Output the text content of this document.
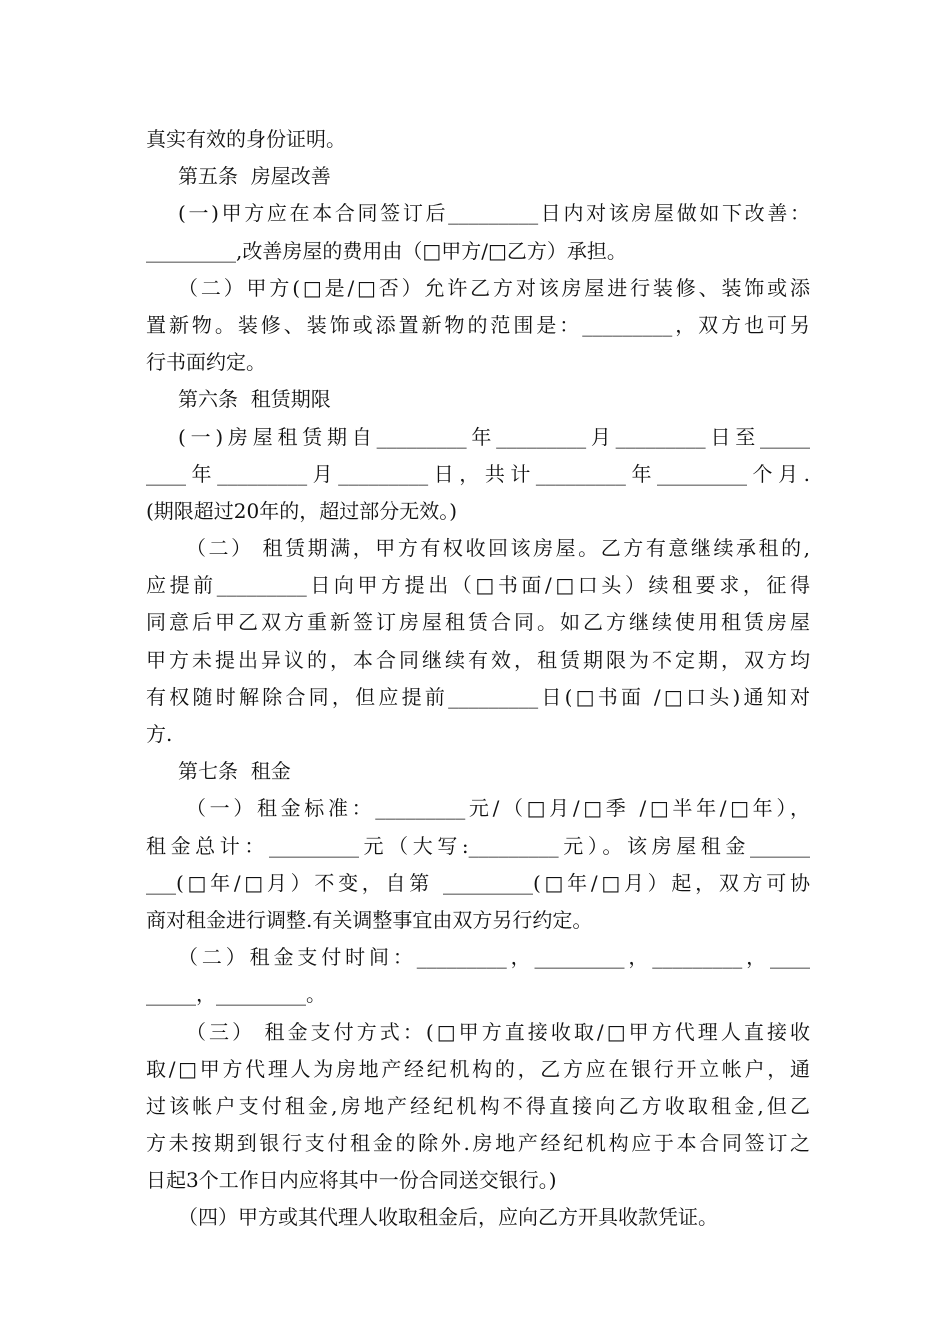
真实有效的身份证明。
第五条  房屋改善
(一)甲方应在本合同签订后_________日内对该房屋做如下改善：
_________,改善房屋的费用由（□甲方/□乙方）承担。
（二）甲方(□是/□否）允许乙方对该房屋进行装修、装饰或添
置新物。装修、装饰或添置新物的范围是：_________，双方也可另
行书面约定。
第六条  租赁期限
(一)房屋租赁期自_________年_________月_________日至_____
____年_________月_________日，共计_________年_________个月.
(期限超过20年的，超过部分无效。)
（二） 租赁期满，甲方有权收回该房屋。乙方有意继续承租的,
应提前_________日向甲方提出（□书面/□口头）续租要求，征得
同意后甲乙双方重新签订房屋租赁合同。如乙方继续使用租赁房屋
甲方未提出异议的，本合同继续有效，租赁期限为不定期，双方均
有权随时解除合同，但应提前_________日(□书面 /□口头)通知对
方.
第七条  租金
（一）租金标准：_________元/（□月/□季 /□半年/□年），
租金总计：_________元（大写:_________元）。该房屋租金______
___(□年/□月）不变，自第 _________(□年/□月）起，双方可协
商对租金进行调整.有关调整事宜由双方另行约定。
（二）租金支付时间：_________，_________，_________，____
_____，_________。
（三） 租金支付方式：(□甲方直接收取/□甲方代理人直接收
取/□甲方代理人为房地产经纪机构的，乙方应在银行开立帐户，通
过该帐户支付租金,房地产经纪机构不得直接向乙方收取租金,但乙
方未按期到银行支付租金的除外.房地产经纪机构应于本合同签订之
日起3个工作日内应将其中一份合同送交银行。)
（四）甲方或其代理人收取租金后，应向乙方开具收款凭证。
